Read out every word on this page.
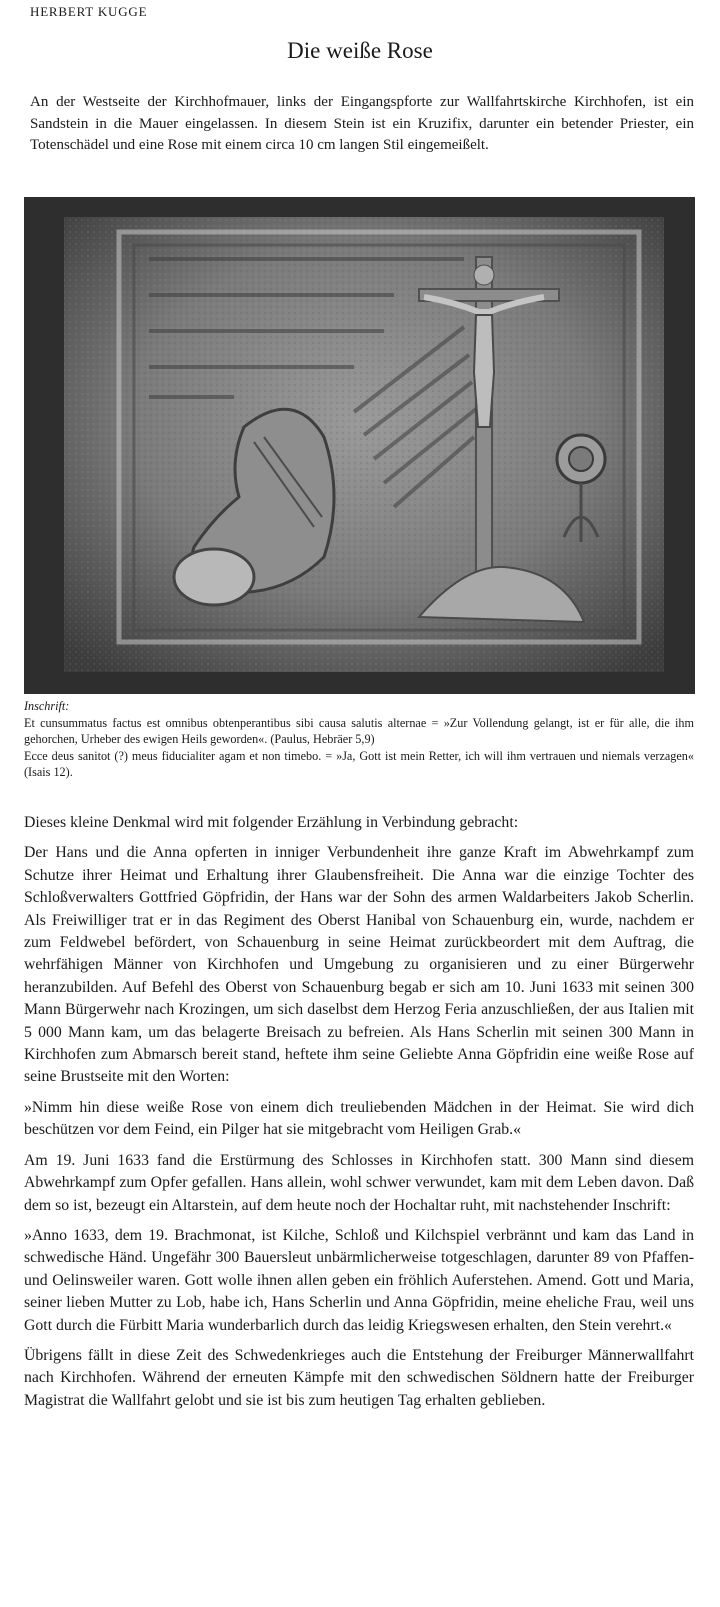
HERBERT KUGGE
Die weiße Rose
An der Westseite der Kirchhofmauer, links der Eingangspforte zur Wallfahrtskirche Kirchhofen, ist ein Sandstein in die Mauer eingelassen. In diesem Stein ist ein Kruzifix, darunter ein betender Priester, ein Totenschädel und eine Rose mit einem circa 10 cm langen Stil eingemeißelt.
Inschrift:

Et cunsummatus factus est omnibus obtenperantibus sibi causa salutis alternae = »Zur Vollendung gelangt, ist er für alle, die ihm gehorchen, Urheber des ewigen Heils geworden«. (Paulus, Hebräer 5,9)

Ecce deus sanitot (?) meus fiducialiter agam et non timebo. = »Ja, Gott ist mein Retter, ich will ihm vertrauen und niemals verzagen« (Isais 12).

Dieses kleine Denkmal wird mit folgender Erzählung in Verbindung gebracht:

Der Hans und die Anna opferten in inniger Verbundenheit ihre ganze Kraft im Abwehrkampf zum Schutze ihrer Heimat und Erhaltung ihrer Glaubensfreiheit. Die Anna war die einzige Tochter des Schloßverwalters Gottfried Göpfridin, der Hans war der Sohn des armen Waldarbeiters Jakob Scherlin. Als Freiwilliger trat er in das Regiment des Oberst Hanibal von Schauenburg ein, wurde, nachdem er zum Feldwebel befördert, von Schauenburg in seine Heimat zurückbeordert mit dem Auftrag, die wehrfähigen Männer von Kirchhofen und Umgebung zu organisieren und zu einer Bürgerwehr heranzubilden. Auf Befehl des Oberst von Schauenburg begab er sich am 10. Juni 1633 mit seinen 300 Mann Bürgerwehr nach Krozingen, um sich daselbst dem Herzog Feria anzuschließen, der aus Italien mit 5 000 Mann kam, um das belagerte Breisach zu befreien. Als Hans Scherlin mit seinen 300 Mann in Kirchhofen zum Abmarsch bereit stand, heftete ihm seine Geliebte Anna Göpfridin eine weiße Rose auf seine Brustseite mit den Worten:

»Nimm hin diese weiße Rose von einem dich treuliebenden Mädchen in der Heimat. Sie wird dich beschützen vor dem Feind, ein Pilger hat sie mitgebracht vom Heiligen Grab.«

Am 19. Juni 1633 fand die Erstürmung des Schlosses in Kirchhofen statt. 300 Mann sind diesem Abwehrkampf zum Opfer gefallen. Hans allein, wohl schwer verwundet, kam mit dem Leben davon. Daß dem so ist, bezeugt ein Altarstein, auf dem heute noch der Hochaltar ruht, mit nachstehender Inschrift:

»Anno 1633, dem 19. Brachmonat, ist Kilche, Schloß und Kilchspiel verbrännt und kam das Land in schwedische Händ. Ungefähr 300 Bauersleut unbärmlicherweise totgeschlagen, darunter 89 von Pfaffen- und Oelinsweiler waren. Gott wolle ihnen allen geben ein fröhlich Auferstehen. Amend. Gott und Maria, seiner lieben Mutter zu Lob, habe ich, Hans Scherlin und Anna Göpfridin, meine eheliche Frau, weil uns Gott durch die Fürbitt Maria wunderbarlich durch das leidig Kriegswesen erhalten, den Stein verehrt.«

Übrigens fällt in diese Zeit des Schwedenkrieges auch die Entstehung der Freiburger Männerwallfahrt nach Kirchhofen. Während der erneuten Kämpfe mit den schwedischen Söldnern hatte der Freiburger Magistrat die Wallfahrt gelobt und sie ist bis zum heutigen Tag erhalten geblieben.
